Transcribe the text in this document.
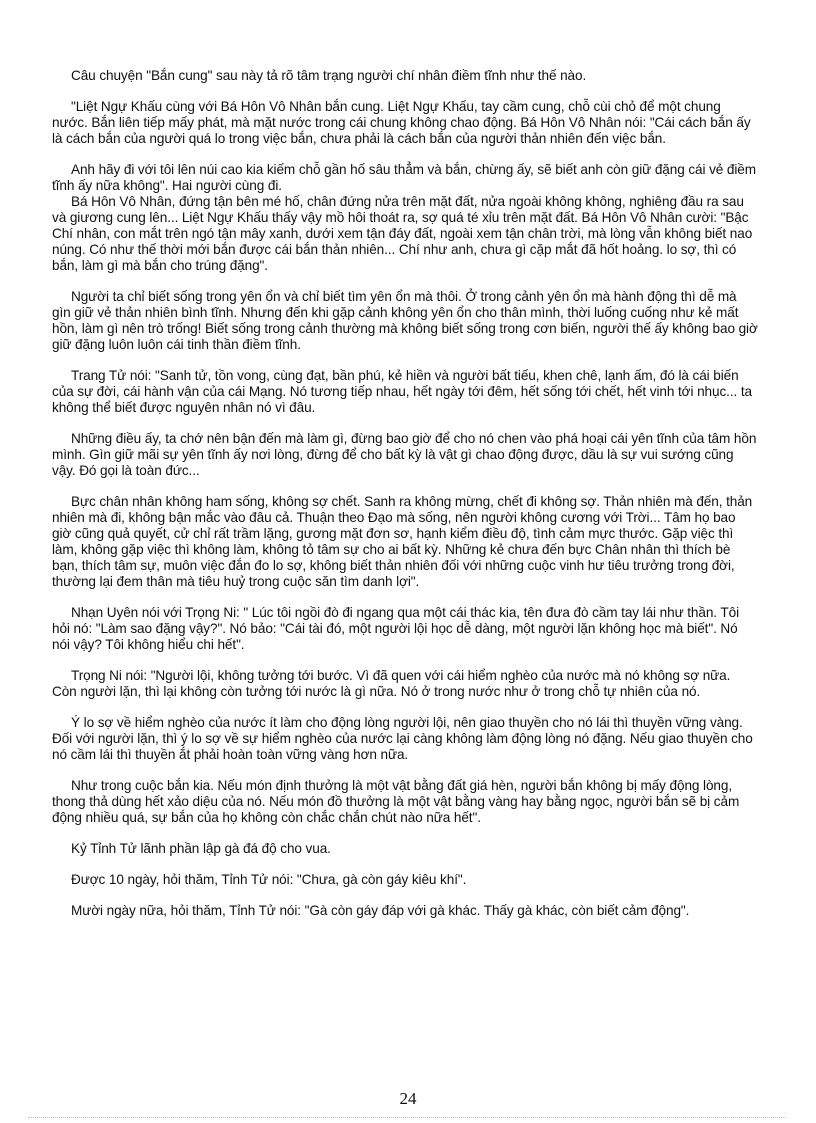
Câu chuyện "Bắn cung" sau này tả rõ tâm trạng người chí nhân điềm tĩnh như thế nào.

"Liệt Ngự Khấu cùng với Bá Hôn Vô Nhân bắn cung. Liệt Ngự Khấu, tay cầm cung, chỗ cùi chỏ để một chung nước. Bắn liên tiếp mấy phát, mà mặt nước trong cái chung không chao động. Bá Hôn Vô Nhân nói: "Cái cách bắn ấy là cách bắn của người quá lo trong việc bắn, chưa phải là cách bắn của người thản nhiên đến việc bắn.

Anh hãy đi với tôi lên núi cao kia kiếm chỗ gần hố sâu thẳm và bắn, chừng ấy, sẽ biết anh còn giữ đặng cái vẻ điềm tĩnh ấy nữa không". Hai người cùng đi.

Bá Hôn Vô Nhân, đứng tận bên mé hố, chân đứng nửa trên mặt đất, nửa ngoài không không, nghiêng đầu ra sau và giương cung lên... Liệt Ngự Khấu thấy vậy mồ hôi thoát ra, sợ quá té xỉu trên mặt đất. Bá Hôn Vô Nhân cười: "Bậc Chí nhân, con mắt trên ngó tận mây xanh, dưới xem tận đáy đất, ngoài xem tận chân trời, mà lòng vẫn không biết nao núng. Có như thế thời mới bắn được cái bắn thản nhiên... Chí như anh, chưa gì cặp mắt đã hốt hoảng. lo sợ, thì có bắn, làm gì mà bắn cho trúng đặng".

Người ta chỉ biết sống trong yên ổn và chỉ biết tìm yên ổn mà thôi. Ở trong cảnh yên ổn mà hành động thì dễ mà gìn giữ vẻ thản nhiên bình tĩnh. Nhưng đến khi gặp cảnh không yên ổn cho thân mình, thời luống cuống như kẻ mất hồn, làm gì nên trò trống! Biết sống trong cảnh thường mà không biết sống trong cơn biến, người thế ấy không bao giờ giữ đặng luôn luôn cái tinh thần điềm tĩnh.

Trang Tử nói: "Sanh tử, tồn vong, cùng đạt, bần phú, kẻ hiền và người bất tiếu, khen chê, lạnh ấm, đó là cái biến của sự đời, cái hành vận của cái Mạng. Nó tương tiếp nhau, hết ngày tới đêm, hết sống tới chết, hết vinh tới nhục... ta không thể biết được nguyên nhân nó vì đâu.

Những điều ấy, ta chớ nên bận đến mà làm gì, đừng bao giờ để cho nó chen vào phá hoại cái yên tĩnh của tâm hồn mình. Gìn giữ mãi sự yên tĩnh ấy nơi lòng, đừng để cho bất kỳ là vật gì chao động được, dầu là sự vui sướng cũng vậy. Đó gọi là toàn đức...

Bực chân nhân không ham sống, không sợ chết. Sanh ra không mừng, chết đi không sợ. Thản nhiên mà đến, thản nhiên mà đi, không bận mắc vào đâu cả. Thuận theo Đạo mà sống, nên người không cương với Trời... Tâm họ bao giờ cũng quả quyết, cử chỉ rất trầm lặng, gương mặt đơn sơ, hạnh kiểm điều độ, tình cảm mực thước. Gặp việc thì làm, không gặp việc thì không làm, không tỏ tâm sự cho ai bất kỳ. Những kẻ chưa đến bực Chân nhân thì thích bè bạn, thích tâm sự, muôn việc đắn đo lo sợ, không biết thản nhiên đối với những cuộc vinh hư tiêu trưởng trong đời, thường lại đem thân mà tiêu huỷ trong cuộc săn tìm danh lợi".

Nhạn Uyên nói với Trọng Ni: " Lúc tôi ngồi đò đi ngang qua một cái thác kia, tên đưa đò cầm tay lái như thần. Tôi hỏi nó: "Làm sao đặng vậy?". Nó bảo: "Cái tài đó, một người lội học dễ dàng, một người lặn không học mà biết". Nó nói vậy? Tôi không hiểu chi hết".

Trọng Ni nói: "Người lội, không tưởng tới bước. Vì đã quen với cái hiểm nghèo của nước mà nó không sợ nữa. Còn người lặn, thì lại không còn tưởng tới nước là gì nữa. Nó ở trong nước như ở trong chỗ tự nhiên của nó.

Ý lo sợ về hiểm nghèo của nước ít làm cho động lòng người lội, nên giao thuyền cho nó lái thì thuyền vững vàng. Đối với người lặn, thì ý lo sợ về sự hiểm nghèo của nước lại càng không làm động lòng nó đặng. Nếu giao thuyền cho nó cầm lái thì thuyền ắt phải hoàn toàn vững vàng hơn nữa.

Như trong cuộc bắn kia. Nếu món định thưởng là một vật bằng đất giá hèn, người bắn không bị mấy động lòng, thong thả dùng hết xảo diệu của nó. Nếu món đồ thưởng là một vật bằng vàng hay bằng ngọc, người bắn sẽ bị cảm động nhiều quá, sự bắn của họ không còn chắc chắn chút nào nữa hết".

Kỷ Tỉnh Tử lãnh phần lập gà đá độ cho vua.

Được 10 ngày, hỏi thăm, Tỉnh Tử nói: "Chưa, gà còn gáy kiêu khí".

Mười ngày nữa, hỏi thăm, Tỉnh Tử nói: "Gà còn gáy đáp với gà khác. Thấy gà khác, còn biết cảm động".

24
